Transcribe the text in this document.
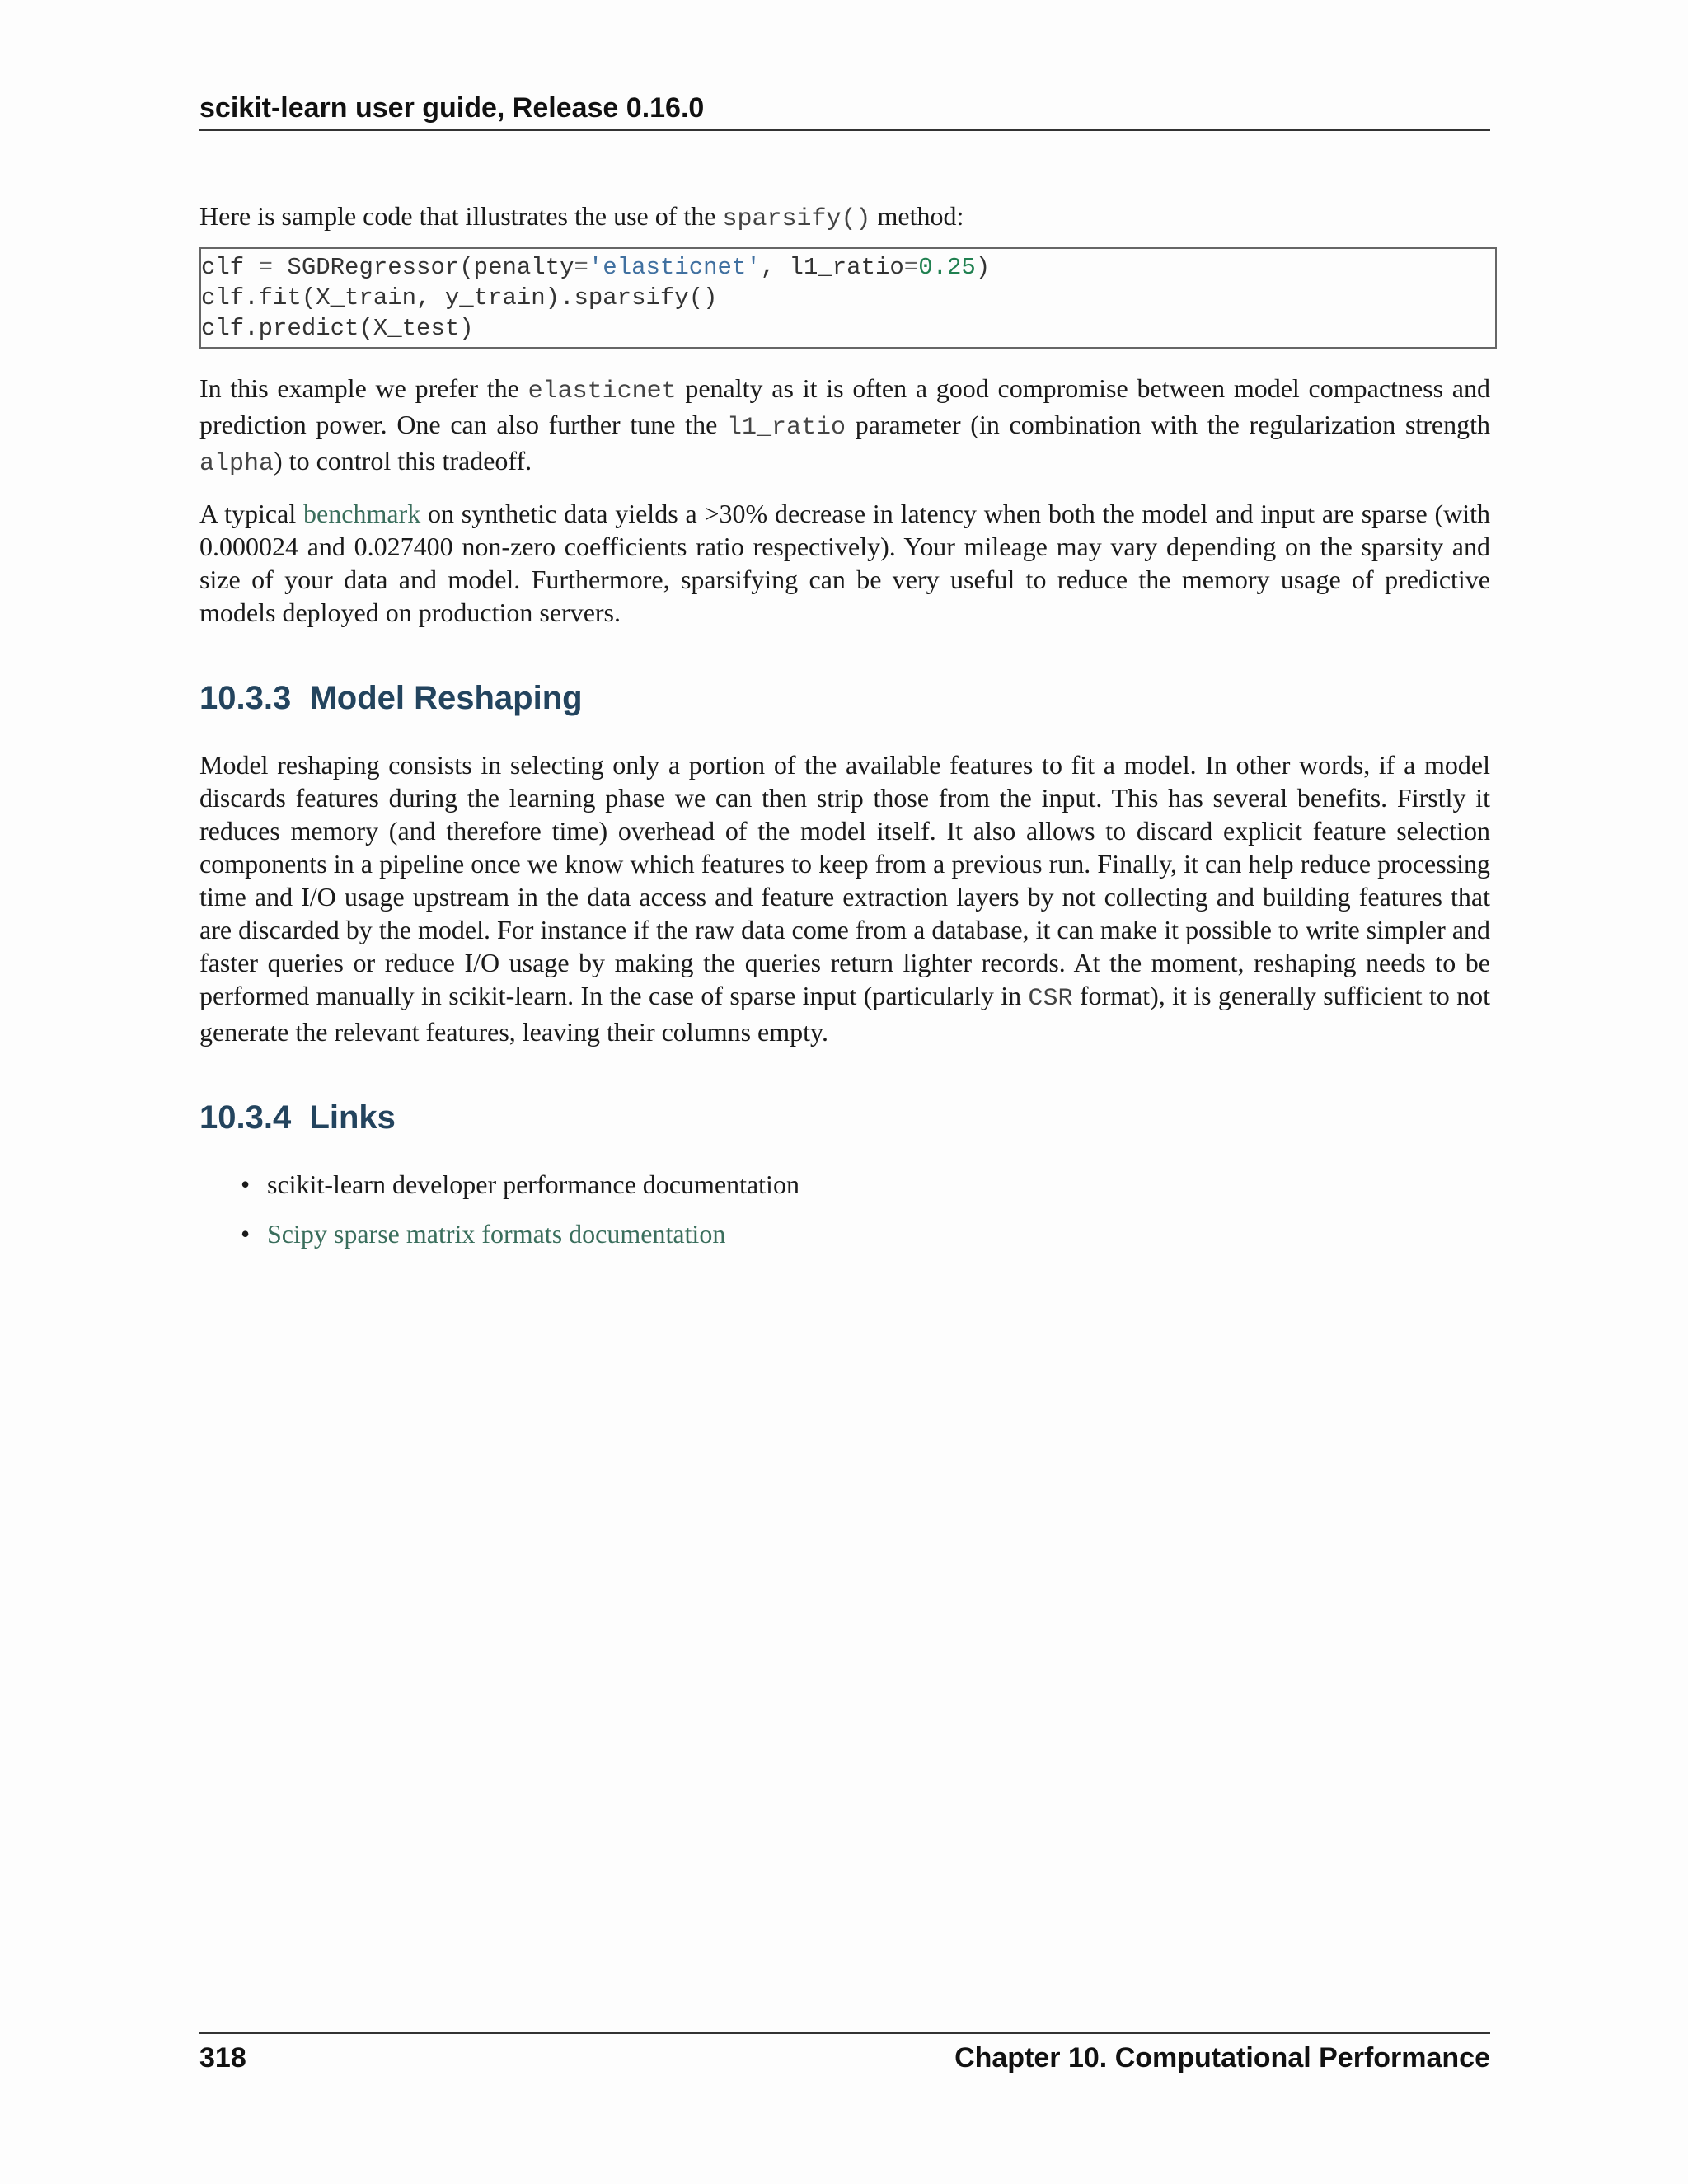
scikit-learn user guide, Release 0.16.0

Here is sample code that illustrates the use of the sparsify() method:

clf = SGDRegressor(penalty='elasticnet', l1_ratio=0.25)
clf.fit(X_train, y_train).sparsify()
clf.predict(X_test)

In this example we prefer the elasticnet penalty as it is often a good compromise between model compactness and prediction power. One can also further tune the l1_ratio parameter (in combination with the regularization strength alpha) to control this tradeoff.

A typical benchmark on synthetic data yields a >30% decrease in latency when both the model and input are sparse (with 0.000024 and 0.027400 non-zero coefficients ratio respectively). Your mileage may vary depending on the sparsity and size of your data and model. Furthermore, sparsifying can be very useful to reduce the memory usage of predictive models deployed on production servers.

10.3.3 Model Reshaping

Model reshaping consists in selecting only a portion of the available features to fit a model. In other words, if a model discards features during the learning phase we can then strip those from the input. This has several benefits. Firstly it reduces memory (and therefore time) overhead of the model itself. It also allows to discard explicit feature selection components in a pipeline once we know which features to keep from a previous run. Finally, it can help reduce processing time and I/O usage upstream in the data access and feature extraction layers by not collecting and building features that are discarded by the model. For instance if the raw data come from a database, it can make it possible to write simpler and faster queries or reduce I/O usage by making the queries return lighter records. At the moment, reshaping needs to be performed manually in scikit-learn. In the case of sparse input (particularly in CSR format), it is generally sufficient to not generate the relevant features, leaving their columns empty.

10.3.4 Links
• scikit-learn developer performance documentation
• Scipy sparse matrix formats documentation
318	Chapter 10. Computational Performance
